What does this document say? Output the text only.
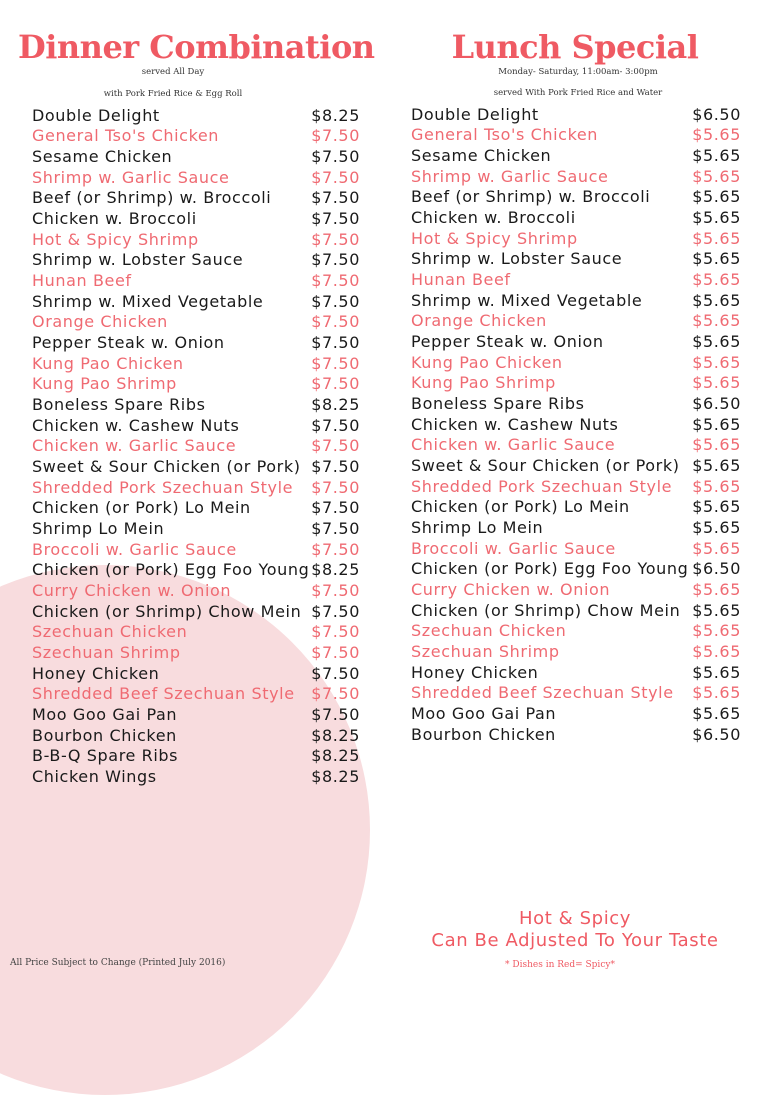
Dinner Combination
served All Day
with Pork Fried Rice & Egg Roll
Double Delight	$8.25
General Tso's Chicken	$7.50
Sesame Chicken	$7.50
Shrimp w. Garlic Sauce	$7.50
Beef (or Shrimp) w. Broccoli $7.50
Chicken w. Broccoli	$7.50
Hot & Spicy Shrimp	$7.50
Shrimp w. Lobster Sauce	$7.50
Hunan Beef	$7.50
Shrimp w. Mixed Vegetable	$7.50
Orange Chicken	$7.50
Pepper Steak w. Onion	$7.50
Kung Pao Chicken	$7.50
Kung Pao Shrimp	$7.50
Boneless Spare Ribs	$8.25
Chicken w. Cashew Nuts	$7.50
Chicken w. Garlic Sauce	$7.50
Sweet & Sour Chicken (or Pork) $7.50
Shredded Pork Szechuan Style $7.50
Chicken (or Pork) Lo Mein	$7.50
Shrimp Lo Mein	$7.50
Broccoli w. Garlic Sauce	$7.50
Chicken (or Pork) Egg Foo Young $8.25
Curry Chicken w. Onion	$7.50
Chicken (or Shrimp) Chow Mein $7.50
Szechuan Chicken	$7.50
Szechuan Shrimp	$7.50
Honey Chicken	$7.50
Shredded Beef Szechuan Style $7.50
Moo Goo Gai Pan	$7.50
Bourbon Chicken	$8.25
B-B-Q Spare Ribs	$8.25
Chicken Wings	$8.25
Lunch Special
Monday- Saturday, 11:00am- 3:00pm
served With Pork Fried Rice and Water
Double Delight	$6.50
General Tso's Chicken	$5.65
Sesame Chicken	$5.65
Shrimp w. Garlic Sauce	$5.65
Beef (or Shrimp) w. Broccoli	$5.65
Chicken w. Broccoli	$5.65
Hot & Spicy Shrimp	$5.65
Shrimp w. Lobster Sauce	$5.65
Hunan Beef	$5.65
Shrimp w. Mixed Vegetable	$5.65
Orange Chicken	$5.65
Pepper Steak w. Onion	$5.65
Kung Pao Chicken	$5.65
Kung Pao Shrimp	$5.65
Boneless Spare Ribs	$6.50
Chicken w. Cashew Nuts	$5.65
Chicken w. Garlic Sauce	$5.65
Sweet & Sour Chicken (or Pork) $5.65
Shredded Pork Szechuan Style $5.65
Chicken (or Pork) Lo Mein	$5.65
Shrimp Lo Mein	$5.65
Broccoli w. Garlic Sauce	$5.65
Chicken (or Pork) Egg Foo Young $6.50
Curry Chicken w. Onion	$5.65
Chicken (or Shrimp) Chow Mein $5.65
Szechuan Chicken	$5.65
Szechuan Shrimp	$5.65
Honey Chicken	$5.65
Shredded Beef Szechuan Style $5.65
Moo Goo Gai Pan	$5.65
Bourbon Chicken	$6.50
All Price Subject to Change (Printed July 2016)
Hot & Spicy
Can Be Adjusted To Your Taste
* Dishes in Red= Spicy*
